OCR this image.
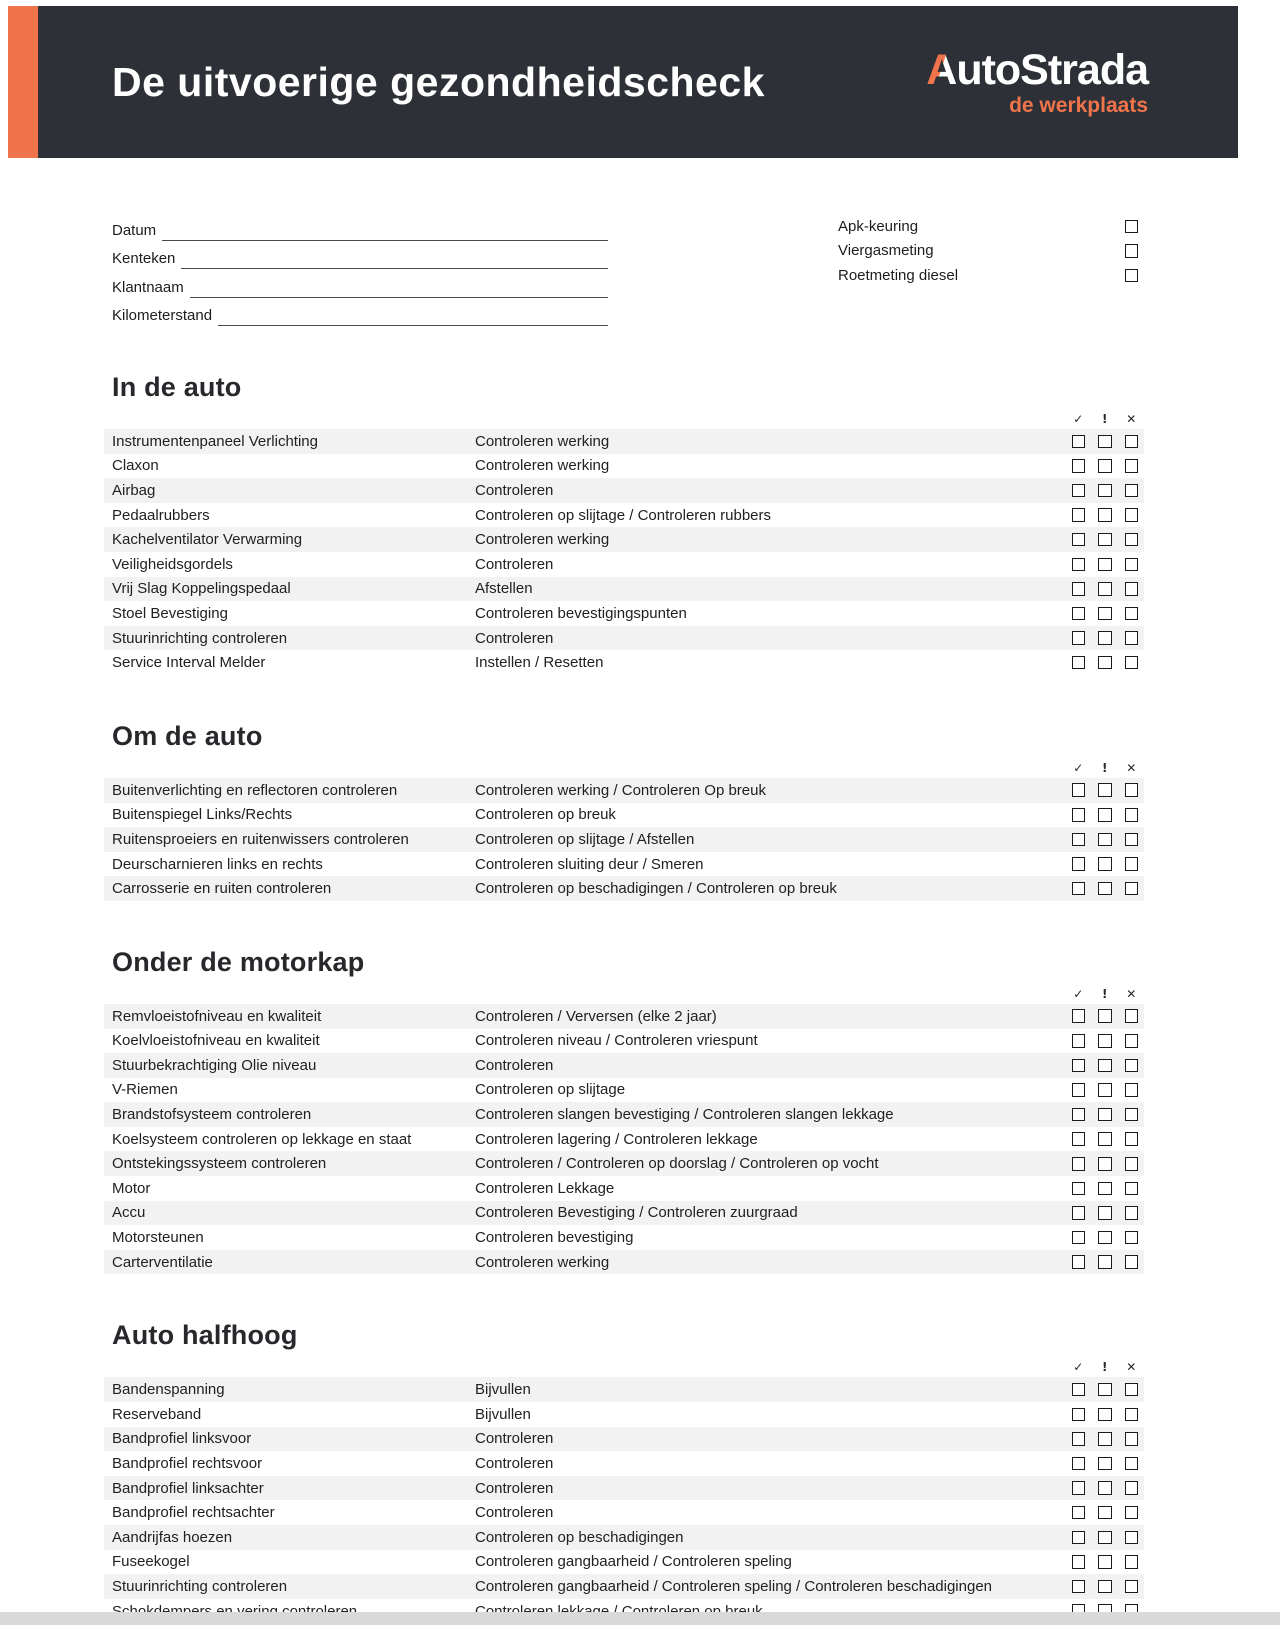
De uitvoerige gezondheidscheck	AutoStrada
de werkplaats
Datum
Kenteken
Klantnaam
Kilometerstand
Apk-keuring
Viergasmeting
Roetmeting diesel
In de auto
✓	!	✕
Instrumentenpaneel Verlichting	Controleren werking
Claxon	Controleren werking
Airbag	Controleren
Pedaalrubbers	Controleren op slijtage / Controleren rubbers
Kachelventilator Verwarming	Controleren werking
Veiligheidsgordels	Controleren
Vrij Slag Koppelingspedaal	Afstellen
Stoel Bevestiging	Controleren bevestigingspunten
Stuurinrichting controleren	Controleren
Service Interval Melder	Instellen / Resetten
Om de auto
✓	!	✕
Buitenverlichting en reflectoren controleren	Controleren werking / Controleren Op breuk
Buitenspiegel Links/Rechts	Controleren op breuk
Ruitensproeiers en ruitenwissers controleren	Controleren op slijtage / Afstellen
Deurscharnieren links en rechts	Controleren sluiting deur / Smeren
Carrosserie en ruiten controleren	Controleren op beschadigingen / Controleren op breuk
Onder de motorkap
✓	!	✕
Remvloeistofniveau en kwaliteit	Controleren / Verversen (elke 2 jaar)
Koelvloeistofniveau en kwaliteit	Controleren niveau / Controleren vriespunt
Stuurbekrachtiging Olie niveau	Controleren
V-Riemen	Controleren op slijtage
Brandstofsysteem controleren	Controleren slangen bevestiging / Controleren slangen lekkage
Koelsysteem controleren op lekkage en staat	Controleren lagering / Controleren lekkage
Ontstekingssysteem controleren	Controleren / Controleren op doorslag / Controleren op vocht
Motor	Controleren Lekkage
Accu	Controleren Bevestiging / Controleren zuurgraad
Motorsteunen	Controleren bevestiging
Carterventilatie	Controleren werking
Auto halfhoog
✓	!	✕
Bandenspanning	Bijvullen
Reserveband	Bijvullen
Bandprofiel linksvoor	Controleren
Bandprofiel rechtsvoor	Controleren
Bandprofiel linksachter	Controleren
Bandprofiel rechtsachter	Controleren
Aandrijfas hoezen	Controleren op beschadigingen
Fuseekogel	Controleren gangbaarheid / Controleren speling
Stuurinrichting controleren	Controleren gangbaarheid / Controleren speling / Controleren beschadigingen
